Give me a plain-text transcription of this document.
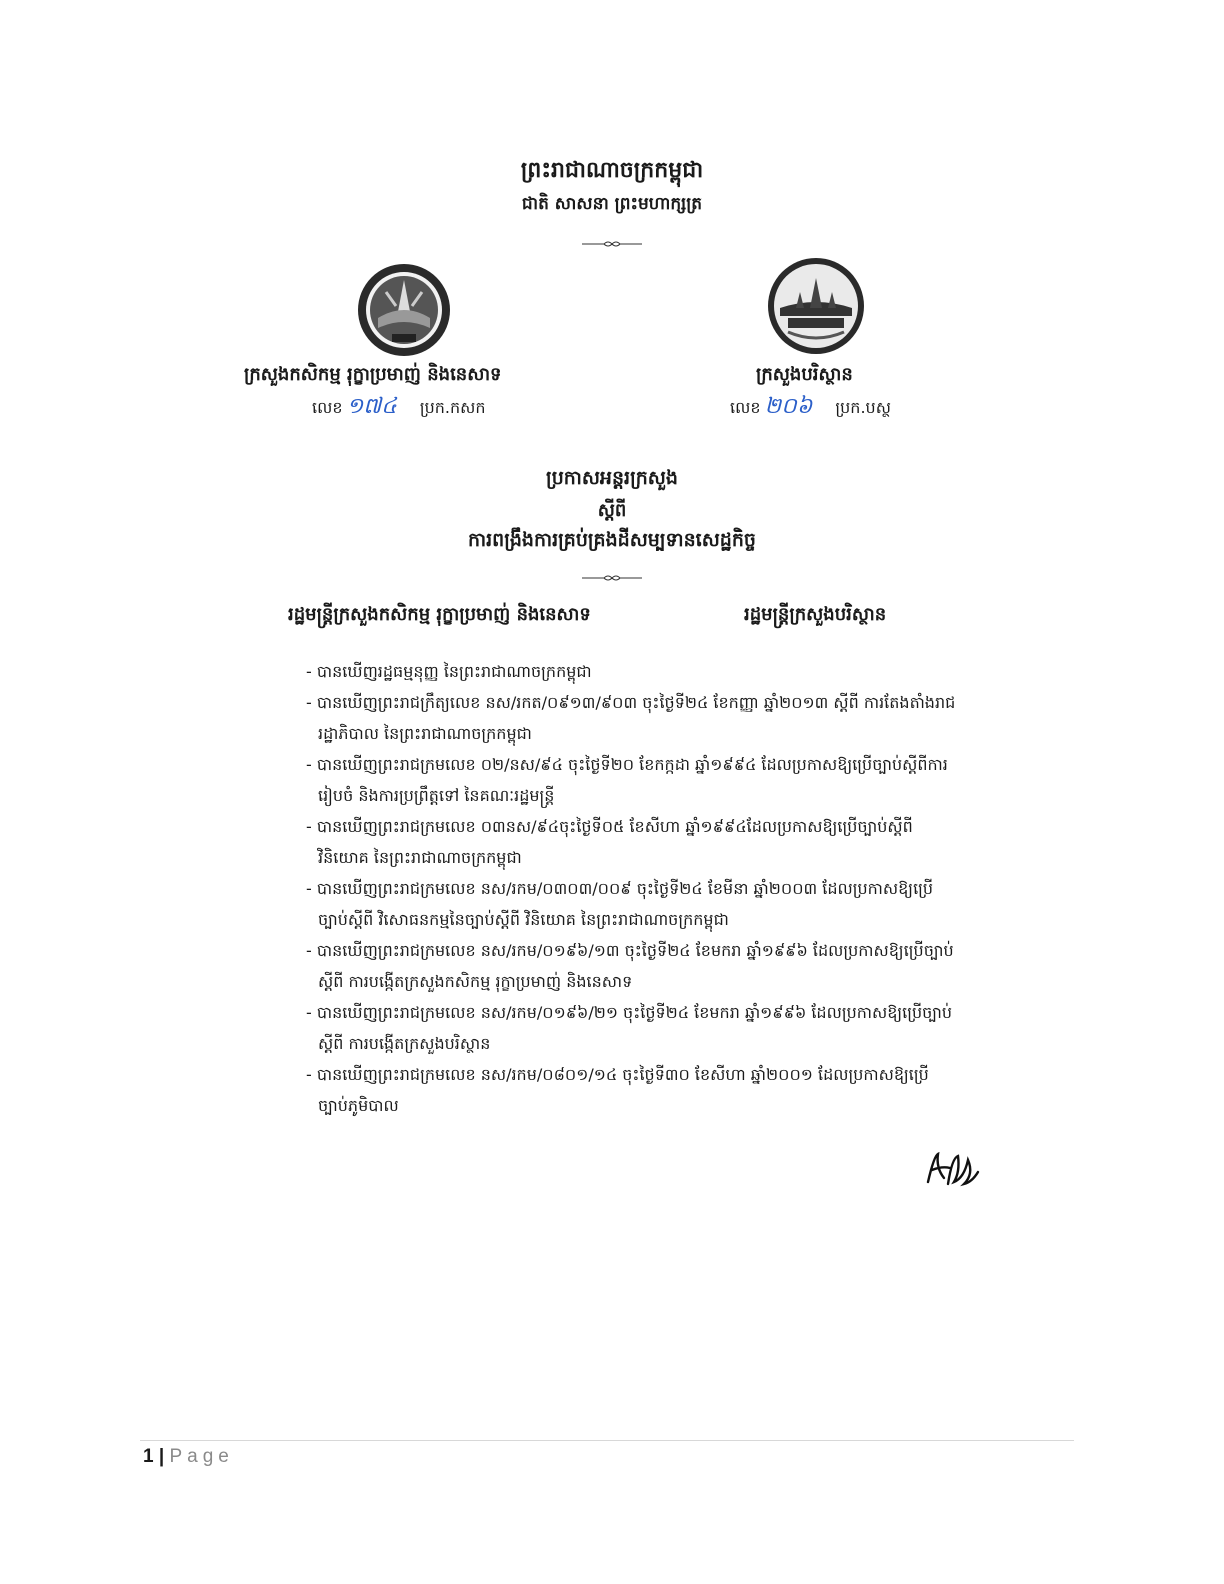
ព្រះរាជាណាចក្រកម្ពុជា
ជាតិ សាសនា ព្រះមហាក្សត្រ
ក្រសួងកសិកម្ម រុក្ខាប្រមាញ់ និងនេសាទ
លេខ ១៧៤ ប្រក.កសក
ក្រសួងបរិស្ថាន
លេខ ២០៦ ប្រក.បស្ថ
ប្រកាសអន្តរក្រសួង
ស្តីពី
ការពង្រឹងការគ្រប់គ្រងដីសម្បទានសេដ្ឋកិច្ច
រដ្ឋមន្ត្រីក្រសួងកសិកម្ម រុក្ខាប្រមាញ់ និងនេសាទ	រដ្ឋមន្ត្រីក្រសួងបរិស្ថាន
- បានឃើញរដ្ឋធម្មនុញ្ញ នៃព្រះរាជាណាចក្រកម្ពុជា
- បានឃើញព្រះរាជក្រឹត្យលេខ នស/រកត/០៩១៣/៩០៣ ចុះថ្ងៃទី២៤ ខែកញ្ញា ឆ្នាំ២០១៣ ស្តីពី ការតែងតាំងរាជរដ្ឋាភិបាល នៃព្រះរាជាណាចក្រកម្ពុជា
- បានឃើញព្រះរាជក្រមលេខ ០២/នស/៩៤ ចុះថ្ងៃទី២០ ខែកក្កដា ឆ្នាំ១៩៩៤ ដែលប្រកាសឱ្យប្រើច្បាប់ស្តីពីការរៀបចំ និងការប្រព្រឹត្តទៅ នៃគណៈរដ្ឋមន្ត្រី
- បានឃើញព្រះរាជក្រមលេខ ០៣នស/៩៤ចុះថ្ងៃទី០៥ ខែសីហា ឆ្នាំ១៩៩៤ដែលប្រកាសឱ្យប្រើច្បាប់ស្តីពី វិនិយោគ នៃព្រះរាជាណាចក្រកម្ពុជា
- បានឃើញព្រះរាជក្រមលេខ នស/រកម/០៣០៣/០០៩ ចុះថ្ងៃទី២៤ ខែមីនា ឆ្នាំ២០០៣ ដែលប្រកាសឱ្យប្រើច្បាប់ស្តីពី វិសោធនកម្មនៃច្បាប់ស្តីពី វិនិយោគ នៃព្រះរាជាណាចក្រកម្ពុជា
- បានឃើញព្រះរាជក្រមលេខ នស/រកម/០១៩៦/១៣ ចុះថ្ងៃទី២៤ ខែមករា ឆ្នាំ១៩៩៦ ដែលប្រកាសឱ្យប្រើច្បាប់ស្តីពី ការបង្កើតក្រសួងកសិកម្ម រុក្ខាប្រមាញ់ និងនេសាទ
- បានឃើញព្រះរាជក្រមលេខ នស/រកម/០១៩៦/២១ ចុះថ្ងៃទី២៤ ខែមករា ឆ្នាំ១៩៩៦ ដែលប្រកាសឱ្យប្រើច្បាប់ស្តីពី ការបង្កើតក្រសួងបរិស្ថាន
- បានឃើញព្រះរាជក្រមលេខ នស/រកម/០៨០១/១៤ ចុះថ្ងៃទី៣០ ខែសីហា ឆ្នាំ២០០១ ដែលប្រកាសឱ្យប្រើច្បាប់ភូមិបាល
1 | Page
